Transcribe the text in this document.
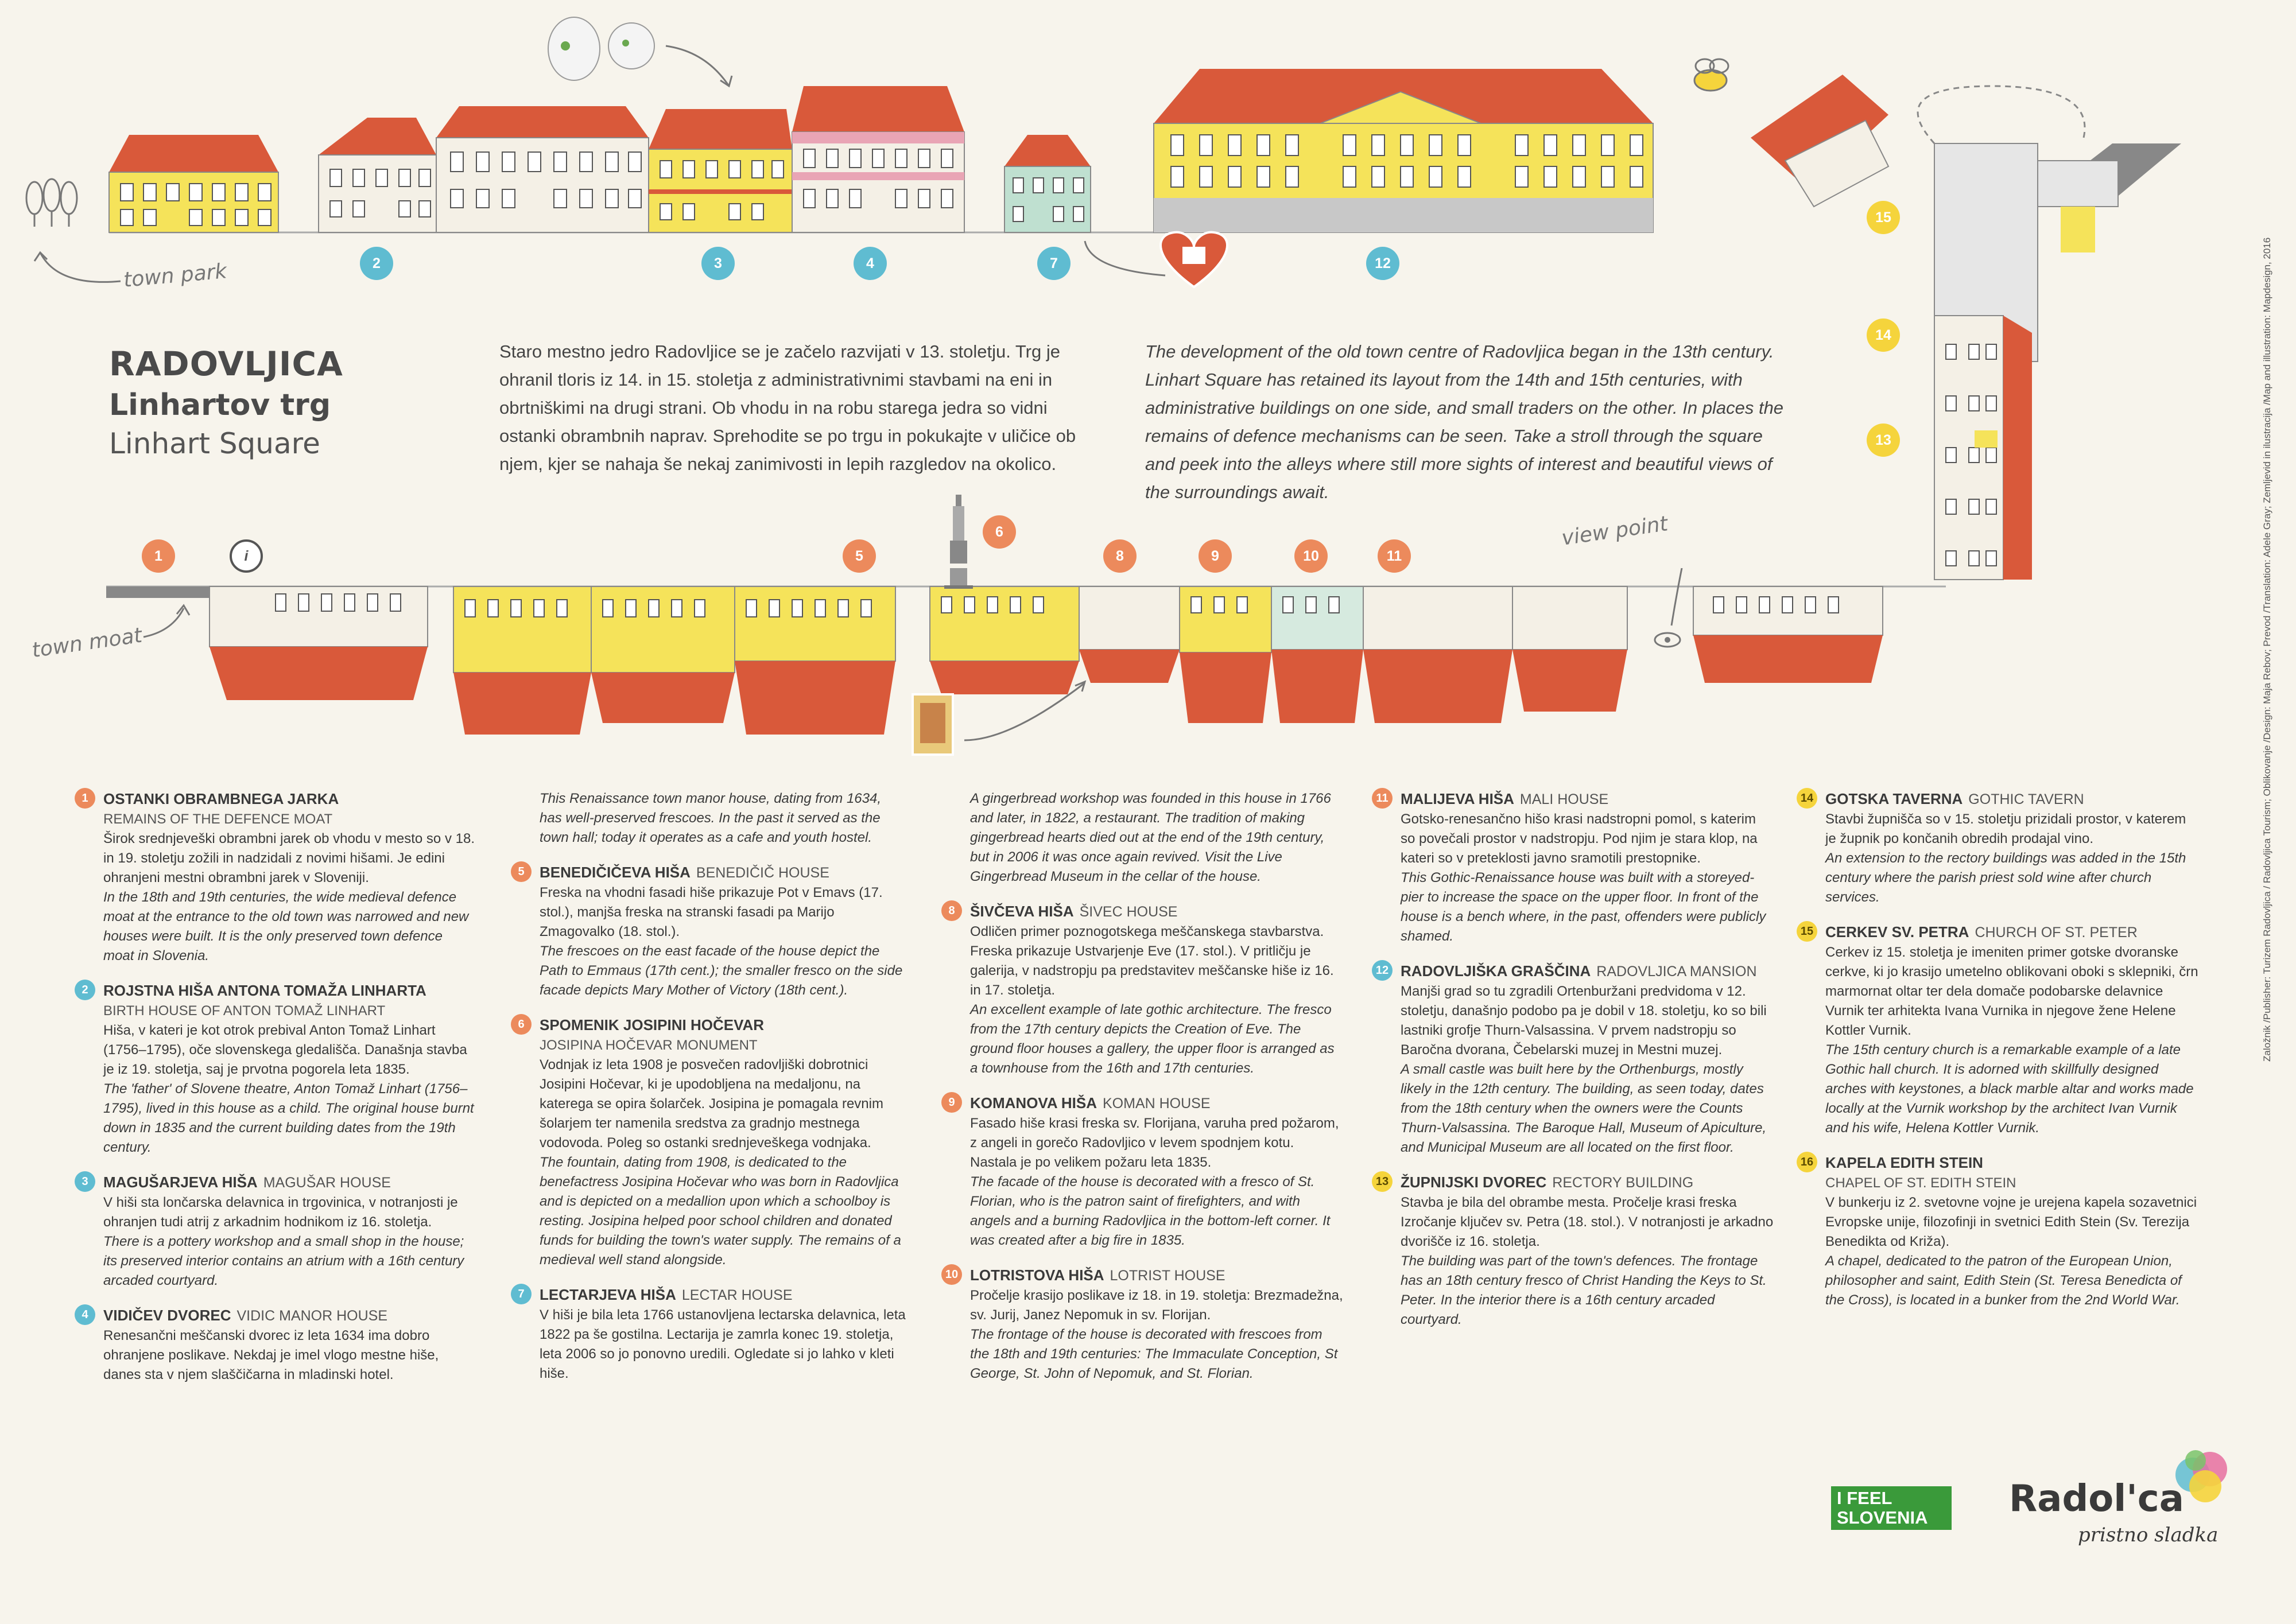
RADOVLJICA
Linhartov trg
Linhart Square
Staro mestno jedro Radovljice se je začelo razvijati v 13. stoletju. Trg je ohranil tloris iz 14. in 15. stoletja z administrativnimi stavbami na eni in obrtniškimi na drugi strani. Ob vhodu in na robu starega jedra so vidni ostanki obrambnih naprav. Sprehodite se po trgu in pokukajte v uličice ob njem, kjer se nahaja še nekaj zanimivosti in lepih razgledov na okolico.
The development of the old town centre of Radovljica began in the 13th century. Linhart Square has retained its layout from the 14th and 15th centuries, with administrative buildings on one side, and small traders on the other. In places the remains of defence mechanisms can be seen. Take a stroll through the square and peek into the alleys where still more sights of interest and beautiful views of the surroundings await.
town park
town moat
view point
2	3	4	7	12
1	i	5
6
8	9	10	11
15
14
13
1	OSTANKI OBRAMBNEGA JARKA
REMAINS OF THE DEFENCE MOAT
Širok srednjeveški obrambni jarek ob vhodu v mesto so v 18. in 19. stoletju zožili in nadzidali z novimi hišami. Je edini ohranjeni mestni obrambni jarek v Sloveniji.
In the 18th and 19th centuries, the wide medieval defence moat at the entrance to the old town was narrowed and new houses were built. It is the only preserved town defence moat in Slovenia.
2	ROJSTNA HIŠA ANTONA TOMAŽA LINHARTA
BIRTH HOUSE OF ANTON TOMAŽ LINHART
Hiša, v kateri je kot otrok prebival Anton Tomaž Linhart (1756–1795), oče slovenskega gledališča. Današnja stavba je iz 19. stoletja, saj je prvotna pogorela leta 1835.
The 'father' of Slovene theatre, Anton Tomaž Linhart (1756–1795), lived in this house as a child. The original house burnt down in 1835 and the current building dates from the 19th century.
3	MAGUŠARJEVA HIŠA MAGUŠAR HOUSE
V hiši sta lončarska delavnica in trgovinica, v notranjosti je ohranjen tudi atrij z arkadnim hodnikom iz 16. stoletja.
There is a pottery workshop and a small shop in the house; its preserved interior contains an atrium with a 16th century arcaded courtyard.
4	VIDIČEV DVOREC VIDIC MANOR HOUSE
Renesančni meščanski dvorec iz leta 1634 ima dobro ohranjene poslikave. Nekdaj je imel vlogo mestne hiše, danes sta v njem slaščičarna in mladinski hotel.
This Renaissance town manor house, dating from 1634, has well-preserved frescoes. In the past it served as the town hall; today it operates as a cafe and youth hostel.
5	BENEDIČIČEVA HIŠA BENEDIČIČ HOUSE
Freska na vhodni fasadi hiše prikazuje Pot v Emavs (17. stol.), manjša freska na stranski fasadi pa Marijo Zmagovalko (18. stol.).
The frescoes on the east facade of the house depict the Path to Emmaus (17th cent.); the smaller fresco on the side facade depicts Mary Mother of Victory (18th cent.).
6	SPOMENIK JOSIPINI HOČEVAR
JOSIPINA HOČEVAR MONUMENT
Vodnjak iz leta 1908 je posvečen radovljiški dobrotnici Josipini Hočevar, ki je upodobljena na medaljonu, na katerega se opira šolarček. Josipina je pomagala revnim šolarjem ter namenila sredstva za gradnjo mestnega vodovoda. Poleg so ostanki srednjeveškega vodnjaka.
The fountain, dating from 1908, is dedicated to the benefactress Josipina Hočevar who was born in Radovljica and is depicted on a medallion upon which a schoolboy is resting. Josipina helped poor school children and donated funds for building the town's water supply. The remains of a medieval well stand alongside.
7	LECTARJEVA HIŠA LECTAR HOUSE
V hiši je bila leta 1766 ustanovljena lectarska delavnica, leta 1822 pa še gostilna. Lectarija je zamrla konec 19. stoletja, leta 2006 so jo ponovno uredili. Ogledate si jo lahko v kleti hiše.
A gingerbread workshop was founded in this house in 1766 and later, in 1822, a restaurant. The tradition of making gingerbread hearts died out at the end of the 19th century, but in 2006 it was once again revived. Visit the Live Gingerbread Museum in the cellar of the house.
8	ŠIVČEVA HIŠA ŠIVEC HOUSE
Odličen primer poznogotskega meščanskega stavbarstva. Freska prikazuje Ustvarjenje Eve (17. stol.). V pritličju je galerija, v nadstropju pa predstavitev meščanske hiše iz 16. in 17. stoletja.
An excellent example of late gothic architecture. The fresco from the 17th century depicts the Creation of Eve. The ground floor houses a gallery, the upper floor is arranged as a townhouse from the 16th and 17th centuries.
9	KOMANOVA HIŠA KOMAN HOUSE
Fasado hiše krasi freska sv. Florijana, varuha pred požarom, z angeli in gorečo Radovljico v levem spodnjem kotu. Nastala je po velikem požaru leta 1835.
The facade of the house is decorated with a fresco of St. Florian, who is the patron saint of firefighters, and with angels and a burning Radovljica in the bottom-left corner. It was created after a big fire in 1835.
10 LOTRISTOVA HIŠA LOTRIST HOUSE
Pročelje krasijo poslikave iz 18. in 19. stoletja: Brezmadežna, sv. Jurij, Janez Nepomuk in sv. Florijan.
The frontage of the house is decorated with frescoes from the 18th and 19th centuries: The Immaculate Conception, St George, St. John of Nepomuk, and St. Florian.
11 MALIJEVA HIŠA MALI HOUSE
Gotsko-renesančno hišo krasi nadstropni pomol, s katerim so povečali prostor v nadstropju. Pod njim je stara klop, na kateri so v preteklosti javno sramotili prestopnike.
This Gothic-Renaissance house was built with a storeyed-pier to increase the space on the upper floor. In front of the house is a bench where, in the past, offenders were publicly shamed.
12 RADOVLJIŠKA GRAŠČINA RADOVLJICA MANSION
Manjši grad so tu zgradili Ortenburžani predvidoma v 12. stoletju, današnjo podobo pa je dobil v 18. stoletju, ko so bili lastniki grofje Thurn-Valsassina. V prvem nadstropju so Baročna dvorana, Čebelarski muzej in Mestni muzej.
A small castle was built here by the Orthenburgs, mostly likely in the 12th century. The building, as seen today, dates from the 18th century when the owners were the Counts Thurn-Valsassina. The Baroque Hall, Museum of Apiculture, and Municipal Museum are all located on the first floor.
13 ŽUPNIJSKI DVOREC RECTORY BUILDING
Stavba je bila del obrambe mesta. Pročelje krasi freska Izročanje ključev sv. Petra (18. stol.). V notranjosti je arkadno dvorišče iz 16. stoletja.
The building was part of the town's defences. The frontage has an 18th century fresco of Christ Handing the Keys to St. Peter. In the interior there is a 16th century arcaded courtyard.
14 GOTSKA TAVERNA GOTHIC TAVERN
Stavbi župnišča so v 15. stoletju prizidali prostor, v katerem je župnik po končanih obredih prodajal vino.
An extension to the rectory buildings was added in the 15th century where the parish priest sold wine after church services.
15 CERKEV SV. PETRA CHURCH OF ST. PETER
Cerkev iz 15. stoletja je imeniten primer gotske dvoranske cerkve, ki jo krasijo umetelno oblikovani oboki s sklepniki, črn marmornat oltar ter dela domače podobarske delavnice Vurnik ter arhitekta Ivana Vurnika in njegove žene Helene Kottler Vurnik.
The 15th century church is a remarkable example of a late Gothic hall church. It is adorned with skillfully designed arches with keystones, a black marble altar and works made locally at the Vurnik workshop by the architect Ivan Vurnik and his wife, Helena Kottler Vurnik.
16 KAPELA EDITH STEIN
CHAPEL OF ST. EDITH STEIN
V bunkerju iz 2. svetovne vojne je urejena kapela sozavetnici Evropske unije, filozofinji in svetnici Edith Stein (Sv. Terezija Benedikta od Križa).
A chapel, dedicated to the patron of the European Union, philosopher and saint, Edith Stein (St. Teresa Benedicta of the Cross), is located in a bunker from the 2nd World War.
I FEEL
SLOVENIA	Radol'ca
pristno sladka
Založnik /Publisher: Turizem Radovljica / Radovljica Tourism; Oblikovanje /Design: Maja Rebov; Prevod /Translation: Adele Gray; Zemljevid in ilustracija /Map and illustration: Mapdesign, 2016
